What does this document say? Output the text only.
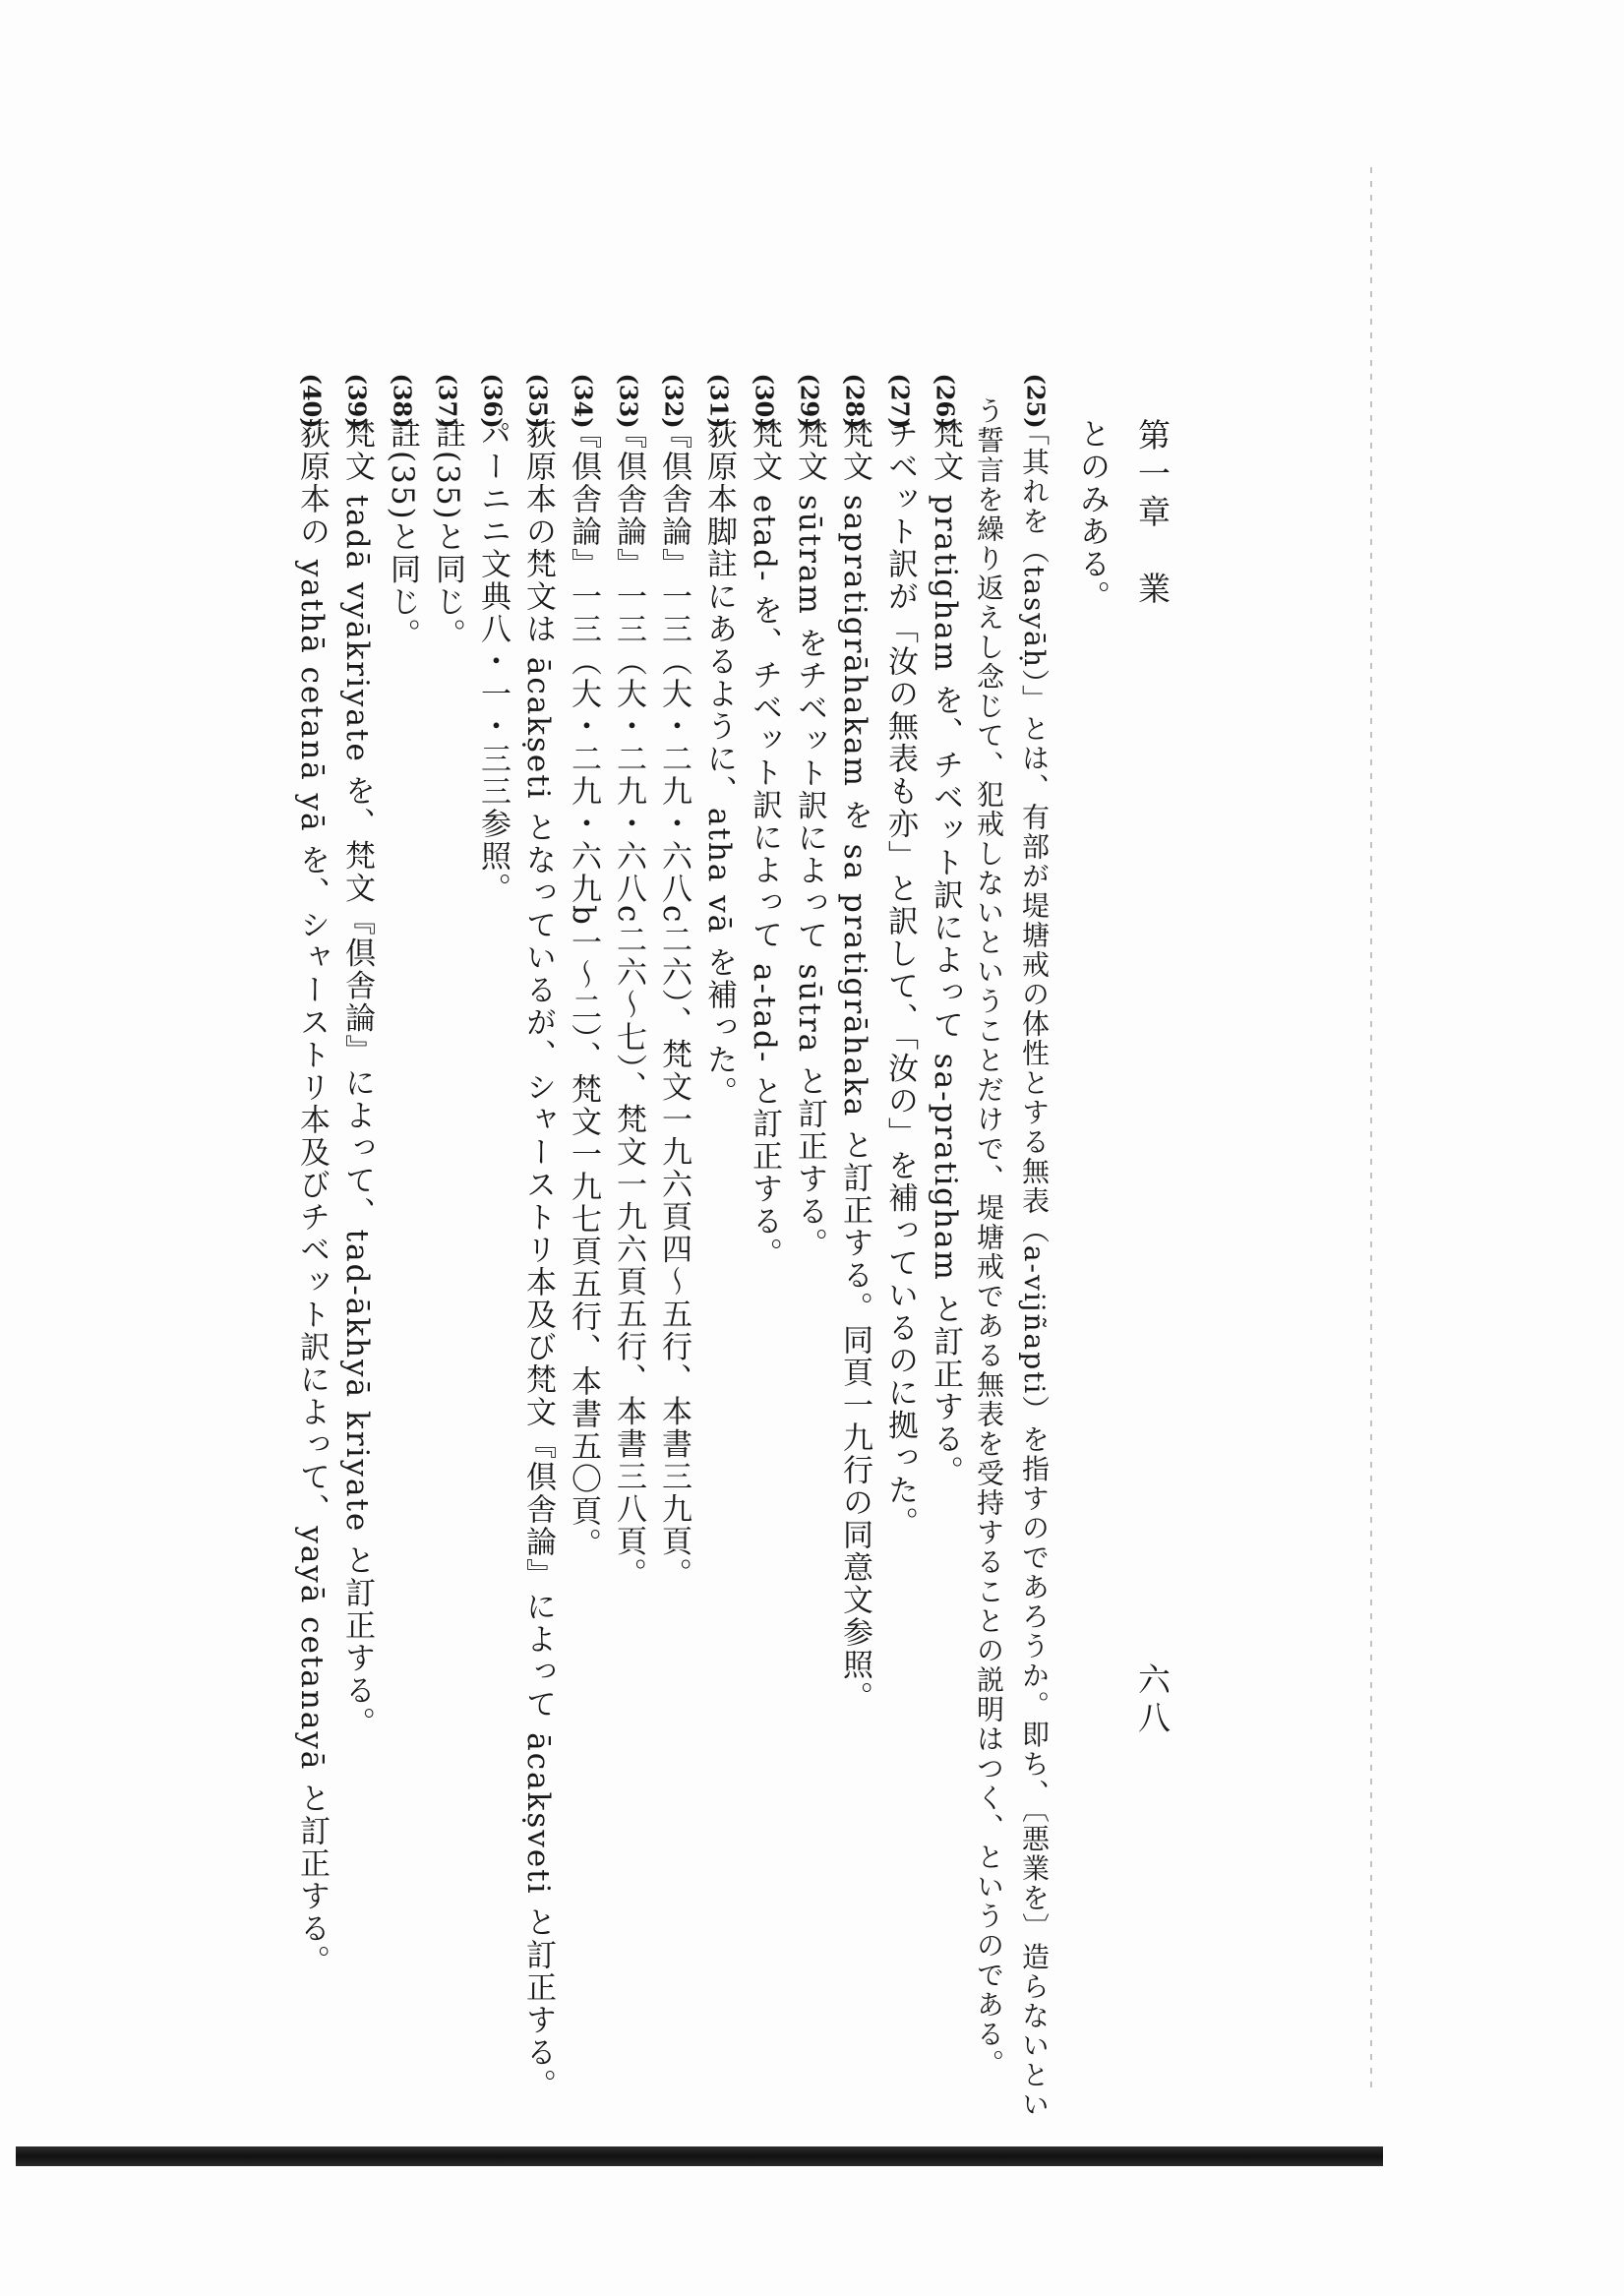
第一章　業
六八
とのみある。
(25)
「其れを（tasyāḥ）」とは、有部が堤塘戒の体性とする無表（a-vijñapti）を指すのであろうか。即ち、〔悪業を〕造らないとい
う誓言を繰り返えし念じて、犯戒しないということだけで、堤塘戒である無表を受持することの説明はつく、というのである。
(26)
梵文 pratigham を、チベット訳によって sa-pratigham と訂正する。
(27)
チベット訳が「汝の無表も亦」と訳して、「汝の」を補っているのに拠った。
(28)
梵文 sapratigrāhakam を sa pratigrāhaka と訂正する。同頁一九行の同意文参照。
(29)
梵文 sūtram をチベット訳によって sūtra と訂正する。
(30)
梵文 etad- を、チベット訳によって a-tad- と訂正する。
(31)
荻原本脚註にあるように、atha vā を補った。
(32)
『倶舎論』一三（大・二九・六八c二六）、梵文一九六頁四〜五行、本書三九頁。
(33)
『倶舎論』一三（大・二九・六八c二六〜七）、梵文一九六頁五行、本書三八頁。
(34)
『倶舎論』一三（大・二九・六九b一〜二）、梵文一九七頁五行、本書五〇頁。
(35)
荻原本の梵文は ācakṣeti となっているが、シャーストリ本及び梵文『倶舎論』によって ācakṣveti と訂正する。
(36)
パーニニ文典八・一・三三参照。
(37)
註(35)と同じ。
(38)
註(35)と同じ。
(39)
梵文 tadā vyākriyate を、梵文『倶舎論』によって、tad-ākhyā kriyate と訂正する。
(40)
荻原本の yathā cetanā yā を、シャーストリ本及びチベット訳によって、yayā cetanayā と訂正する。
